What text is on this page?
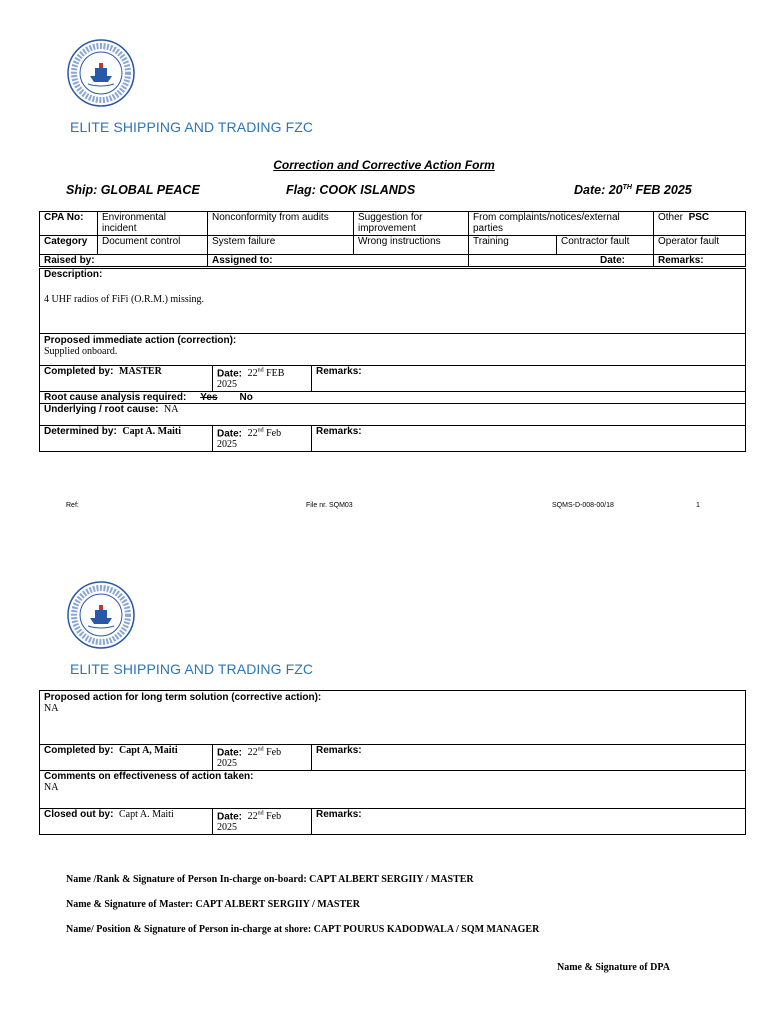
ELITE SHIPPING AND TRADING FZC
Correction and Corrective Action Form
Ship: GLOBAL PEACE	Flag: COOK ISLANDS	Date: 20TH FEB 2025
CPA No:	Environmental incident	Nonconformity from audits	Suggestion for improvement	From complaints/notices/external parties		Other PSC
Category	Document control	System failure	Wrong instructions	Training	Contractor fault	Operator fault
Raised by:		Assigned to:		Date:		Remarks:
Description:
4 UHF radios of FiFi (O.R.M.) missing.		

Proposed immediate action (correction):
Supplied onboard.		

Completed by: MASTER	Date: 22nd FEB
2025	Remarks:
Root cause analysis required: Yes No		
Underlying / root cause: NA		
Determined by: Capt A. Maiti	Date: 22nd Feb
2025	Remarks:
Ref:	File nr. SQM03	SQMS-D-008-00/18	1
ELITE SHIPPING AND TRADING FZC
Proposed action for long term solution (corrective action):
NA		

Completed by: Capt A, Maiti	Date: 22nd Feb
2025	Remarks:

Comments on effectiveness of action taken:
NA		

Closed out by: Capt A. Maiti	Date: 22nd Feb
2025	Remarks:
Name /Rank & Signature of Person In-charge on-board: CAPT ALBERT SERGIIY / MASTER
Name & Signature of Master: CAPT ALBERT SERGIIY / MASTER
Name/ Position & Signature of Person in-charge at shore: CAPT POURUS KADODWALA / SQM MANAGER
Name & Signature of DPA
